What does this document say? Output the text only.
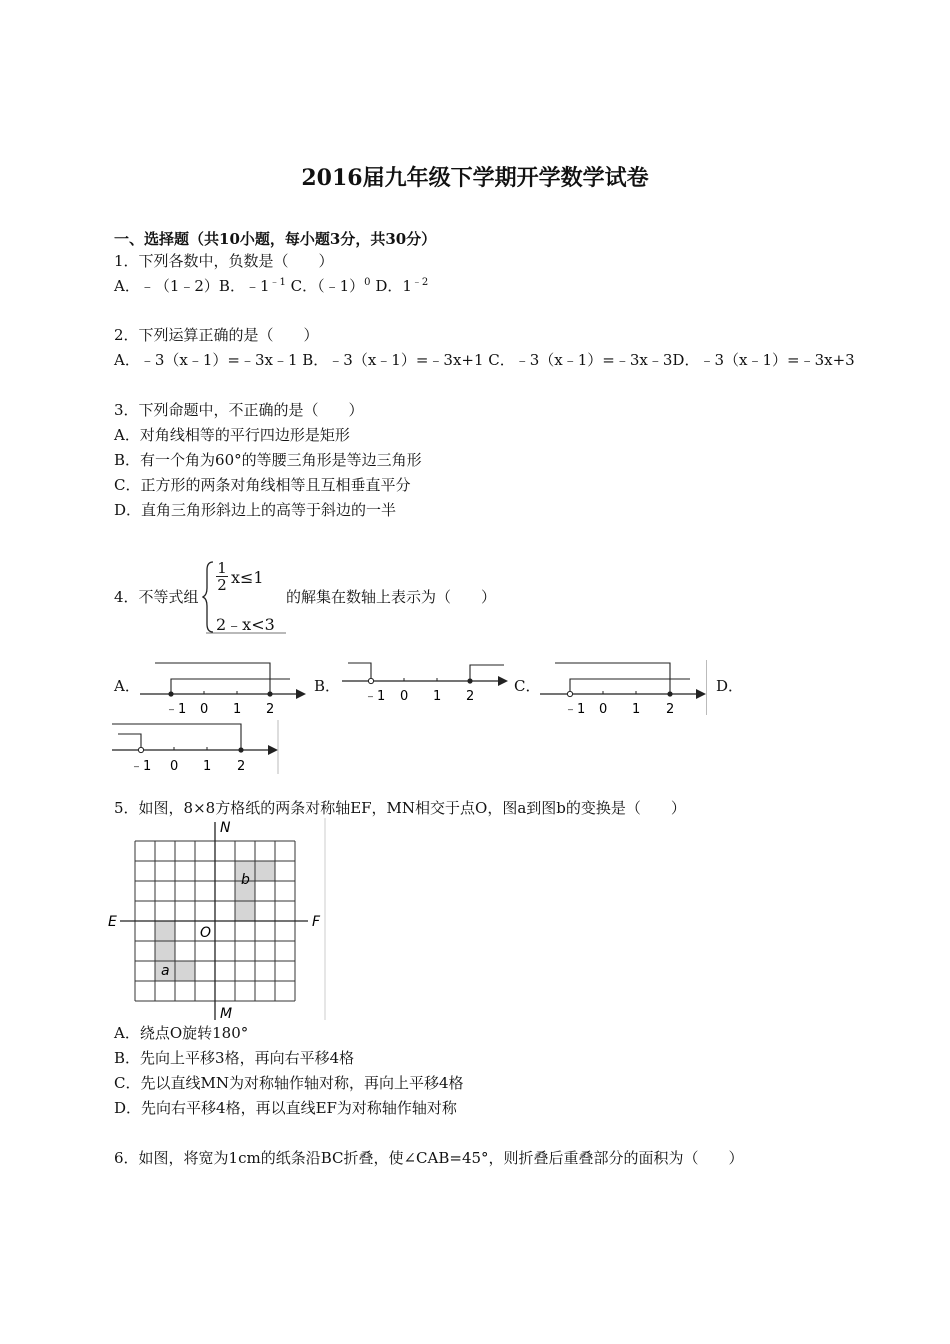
2016届九年级下学期开学数学试卷
一、选择题（共10小题，每小题3分，共30分）
1．下列各数中，负数是（　　）
A．﹣（1﹣2）B．$﹣1^{﹣1}$ C．（﹣1）$^0$ D．$1^{﹣2}$
2．下列运算正确的是（　　）
A．﹣3（x﹣1）=﹣3x﹣1 B．﹣3（x﹣1）=﹣3x+1 C．﹣3（x﹣1）=﹣3x﹣3D．﹣3（x﹣1）=﹣3x+3
3．下列命题中，不正确的是（　　）
A．对角线相等的平行四边形是矩形
B．有一个角为60°的等腰三角形是等边三角形
C．正方形的两条对角线相等且互相垂直平分
D．直角三角形斜边上的高等于斜边的一半
4．不等式组
$\frac{1}{2} x\le 1$
2﹣x<3
的解集在数轴上表示为（　　）
A．	B．	C．	D．
﹣1 0 1 2
﹣1 0 1 2
﹣1 0 1 2
﹣1 0 1 2
5．如图，8×8方格纸的两条对称轴EF，MN相交于点O，图a到图b的变换是（　　）
N
M
E	F
O
a
b
A．绕点O旋转180°
B．先向上平移3格，再向右平移4格
C．先以直线MN为对称轴作轴对称，再向上平移4格
D．先向右平移4格，再以直线EF为对称轴作轴对称
6．如图，将宽为1cm的纸条沿BC折叠，使∠CAB=45°，则折叠后重叠部分的面积为（　　）
